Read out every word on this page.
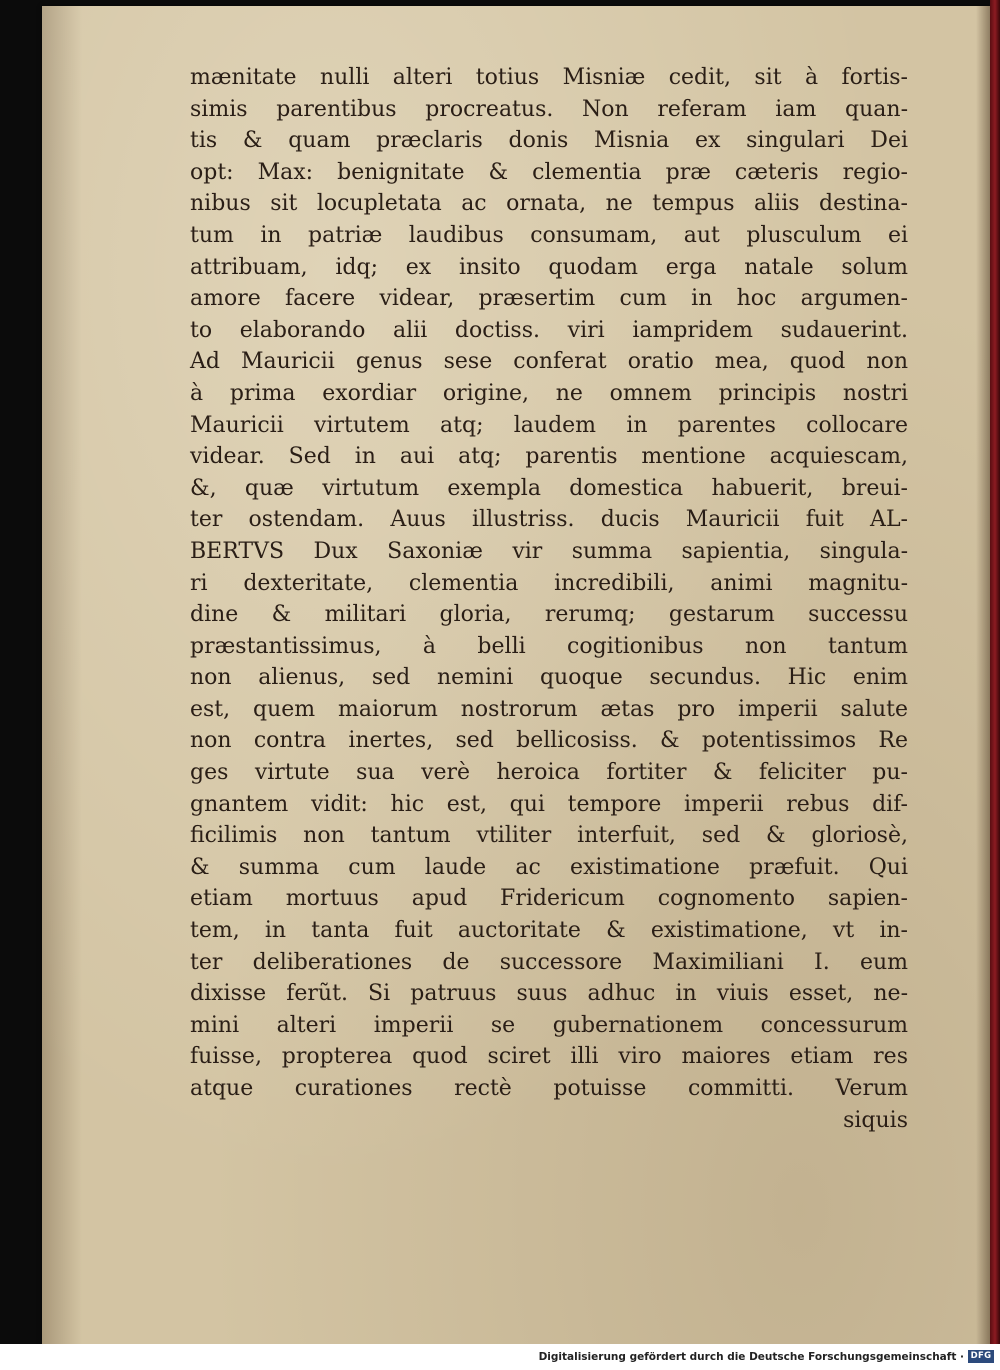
mænitate nulli alteri totius Misniæ cedit, sit à fortis-
simis parentibus procreatus. Non referam iam quan-
tis & quam præclaris donis Misnia ex singulari Dei
opt: Max: benignitate & clementia præ cæteris regio-
nibus sit locupletata ac ornata, ne tempus aliis destina-
tum in patriæ laudibus consumam, aut plusculum ei
attribuam, idq; ex insito quodam erga natale solum
amore facere videar, præsertim cum in hoc argumen-
to elaborando alii doctiss. viri iampridem sudauerint.
Ad Mauricii genus sese conferat oratio mea, quod non
à prima exordiar origine, ne omnem principis nostri
Mauricii virtutem atq; laudem in parentes collocare
videar. Sed in aui atq; parentis mentione acquiescam,
&, quæ virtutum exempla domestica habuerit, breui-
ter ostendam. Auus illustriss. ducis Mauricii fuit AL-
BERTVS Dux Saxoniæ vir summa sapientia, singula-
ri dexteritate, clementia incredibili, animi magnitu-
dine & militari gloria, rerumq; gestarum successu
præstantissimus, à belli cogitionibus non tantum
non alienus, sed nemini quoque secundus. Hic enim
est, quem maiorum nostrorum ætas pro imperii salute
non contra inertes, sed bellicosiss. & potentissimos Re
ges virtute sua verè heroica fortiter & feliciter pu-
gnantem vidit: hic est, qui tempore imperii rebus dif-
ficilimis non tantum vtiliter interfuit, sed & gloriosè,
& summa cum laude ac existimatione præfuit. Qui
etiam mortuus apud Fridericum cognomento sapien-
tem, in tanta fuit auctoritate & existimatione, vt in-
ter deliberationes de successore Maximiliani I. eum
dixisse ferũt. Si patruus suus adhuc in viuis esset, ne-
mini alteri imperii se gubernationem concessurum
fuisse, propterea quod sciret illi viro maiores etiam res
atque curationes rectè potuisse committi. Verum
siquis
Digitalisierung gefördert durch die Deutsche Forschungsgemeinschaft · DFG
